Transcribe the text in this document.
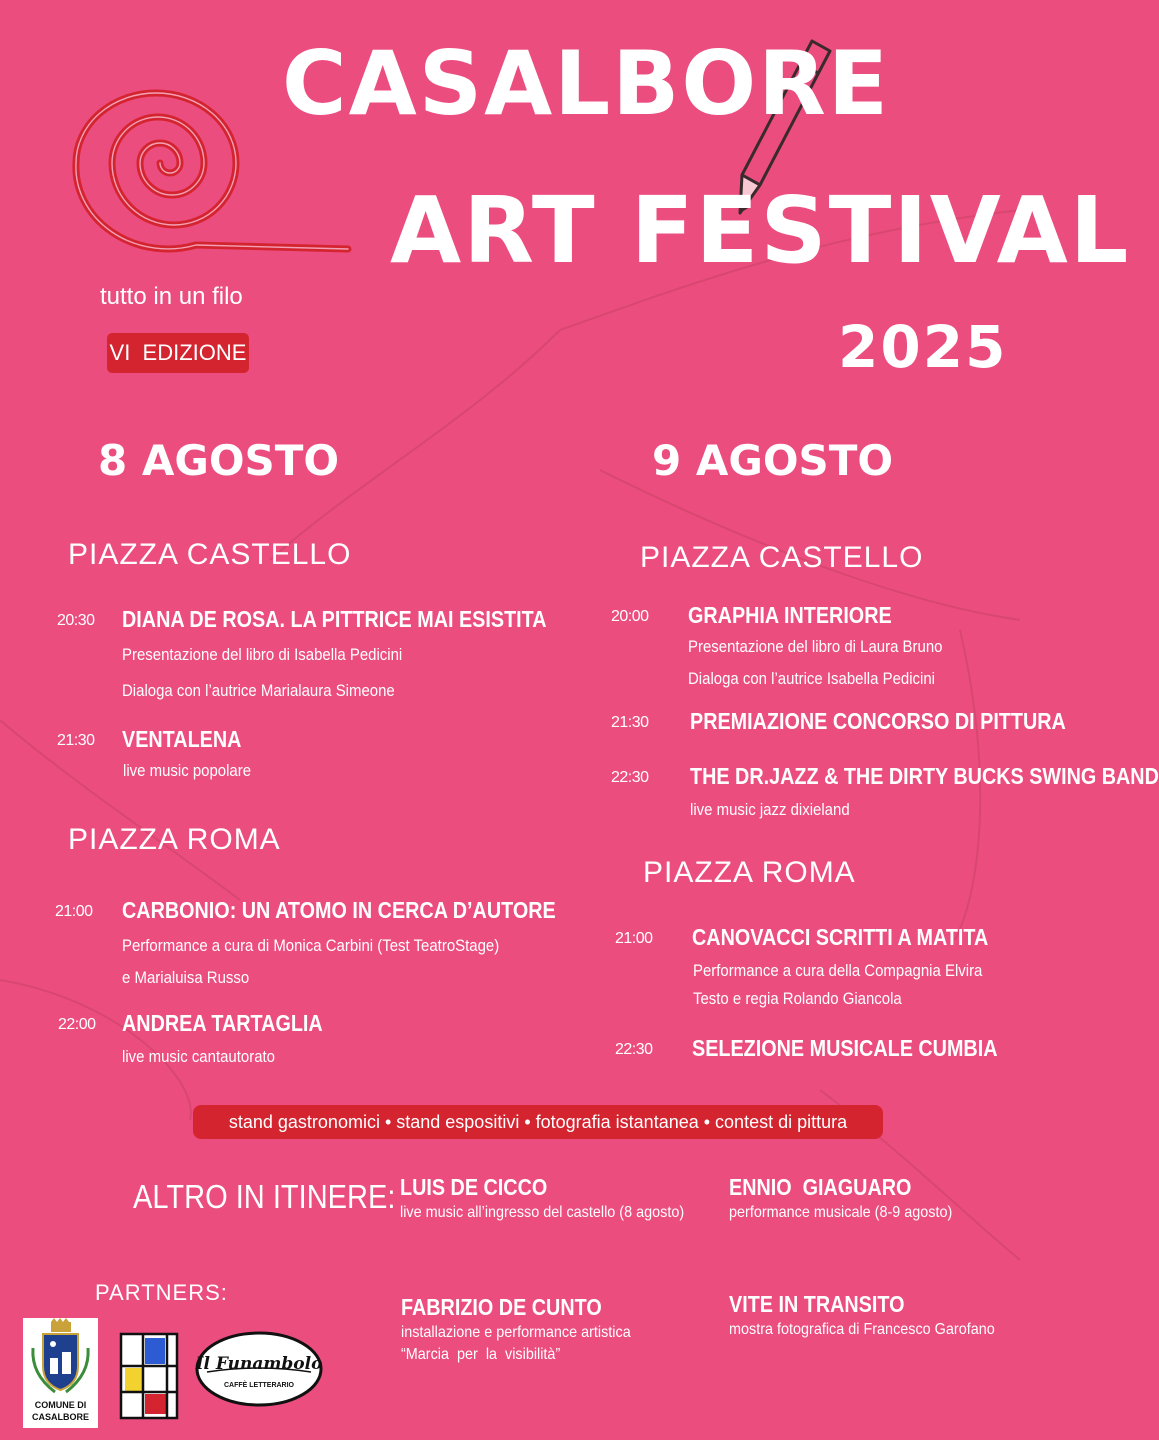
CASALBORE
ART FESTIVAL
2025
tutto in un filo
VI  EDIZIONE
8 AGOSTO
PIAZZA CASTELLO
20:30 DIANA DE ROSA. LA PITTRICE MAI ESISTITA
Presentazione del libro di Isabella Pedicini
Dialoga con l’autrice Marialaura Simeone
21:30 VENTALENA
live music popolare
PIAZZA ROMA
21:00 CARBONIO: UN ATOMO IN CERCA D’AUTORE
Performance a cura di Monica Carbini (Test TeatroStage)
e Marialuisa Russo
22:00 ANDREA TARTAGLIA
live music cantautorato
9 AGOSTO
PIAZZA CASTELLO
20:00 GRAPHIA INTERIORE
Presentazione del libro di Laura Bruno
Dialoga con l’autrice Isabella Pedicini
21:30 PREMIAZIONE CONCORSO DI PITTURA
22:30 THE DR.JAZZ & THE DIRTY BUCKS SWING BAND
live music jazz dixieland
PIAZZA ROMA
21:00 CANOVACCI SCRITTI A MATITA
Performance a cura della Compagnia Elvira
Testo e regia Rolando Giancola
22:30 SELEZIONE MUSICALE CUMBIA
stand gastronomici • stand espositivi • fotografia istantanea • contest di pittura
ALTRO IN ITINERE: LUIS DE CICCO
live music all’ingresso del castello (8 agosto)
ENNIO  GIAGUARO
performance musicale (8-9 agosto)
FABRIZIO DE CUNTO
installazione e performance artistica
“Marcia  per  la  visibilità”
VITE IN TRANSITO
mostra fotografica di Francesco Garofano
PARTNERS:
COMUNE DI
CASALBORE
Il Funambolo
CAFFÈ LETTERARIO
